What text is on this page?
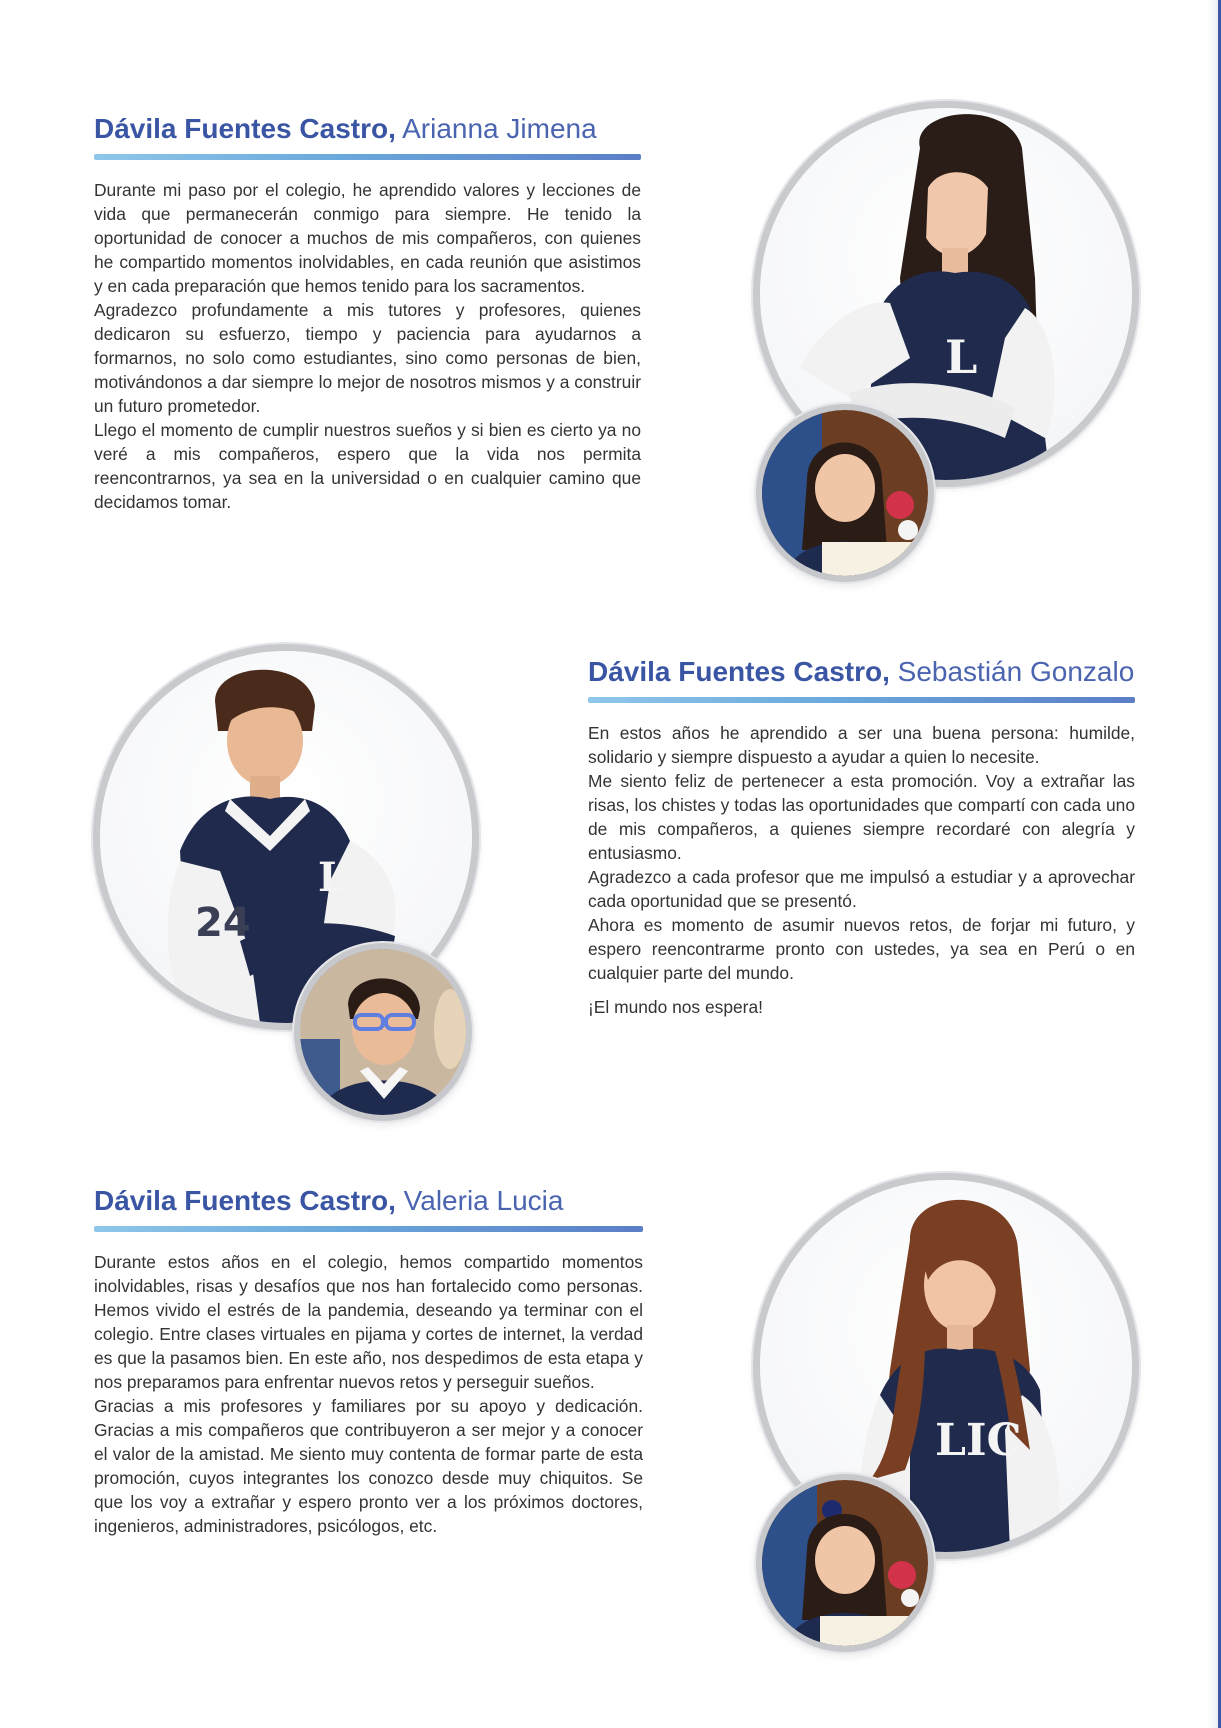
Dávila Fuentes Castro, Arianna Jimena

Durante mi paso por el colegio, he aprendido valores y lecciones de vida que permanecerán conmigo para siempre. He tenido la oportunidad de conocer a muchos de mis compañeros, con quienes he compartido momentos inolvidables, en cada reunión que asistimos y en cada preparación que hemos tenido para los sacramentos.

Agradezco profundamente a mis tutores y profesores, quienes dedicaron su esfuerzo, tiempo y paciencia para ayudarnos a formarnos, no solo como estudiantes, sino como personas de bien, motivándonos a dar siempre lo mejor de nosotros mismos y a construir un futuro prometedor.

Llego el momento de cumplir nuestros sueños y si bien es cierto ya no veré a mis compañeros, espero que la vida nos permita reencontrarnos, ya sea en la universidad o en cualquier camino que decidamos tomar.

L
24
L
Dávila Fuentes Castro, Sebastián Gonzalo

En estos años he aprendido a ser una buena persona: humilde, solidario y siempre dispuesto a ayudar a quien lo necesite.

Me siento feliz de pertenecer a esta promoción. Voy a extrañar las risas, los chistes y todas las oportunidades que compartí con cada uno de mis compañeros, a quienes siempre recordaré con alegría y entusiasmo.

Agradezco a cada profesor que me impulsó a estudiar y a aprovechar cada oportunidad que se presentó.

Ahora es momento de asumir nuevos retos, de forjar mi futuro, y espero reencontrarme pronto con ustedes, ya sea en Perú o en cualquier parte del mundo.

¡El mundo nos espera!

Dávila Fuentes Castro, Valeria Lucia

Durante estos años en el colegio, hemos compartido momentos inolvidables, risas y desafíos que nos han fortalecido como personas. Hemos vivido el estrés de la pandemia, deseando ya terminar con el colegio. Entre clases virtuales en pijama y cortes de internet, la verdad es que la pasamos bien. En este año, nos despedimos de esta etapa y nos preparamos para enfrentar nuevos retos y perseguir sueños.

Gracias a mis profesores y familiares por su apoyo y dedicación. Gracias a mis compañeros que contribuyeron a ser mejor y a conocer el valor de la amistad. Me siento muy contenta de formar parte de esta promoción, cuyos integrantes los conozco desde muy chiquitos. Se que los voy a extrañar y espero pronto ver a los próximos doctores, ingenieros, administradores, psicólogos, etc.

LIC
